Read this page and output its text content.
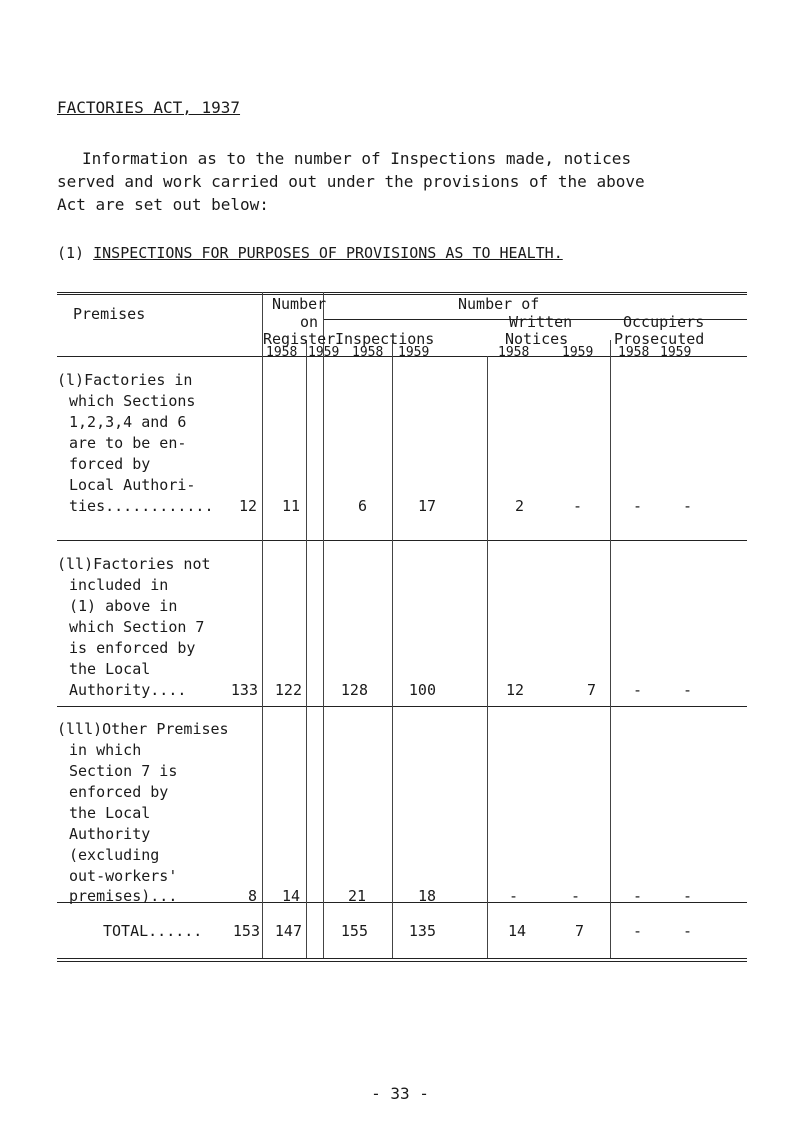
FACTORIES ACT, 1937
Information as to the number of Inspections made, notices
served and work carried out under the provisions of the above
Act are set out below:
(1) INSPECTIONS FOR PURPOSES OF PROVISIONS AS TO HEALTH.
Premises
Number
on
Register
Number of
Inspections
Written
Notices
Occupiers
Prosecuted
1958 1959 1958 1959	1958	1959 1958 1959
(l)Factories in
which Sections
1,2,3,4 and 6
are to be en-
forced by
Local Authori-
ties............
(ll)Factories not
included in
(1) above in
which Section 7
is enforced by
the Local
Authority....
(lll)Other Premises
in which
Section 7 is
enforced by
the Local
Authority
(excluding
out-workers'
premises)...
12	11	6	17	2	-	-	-
133	122	128	100	12	7	-	-
8	14	21	18	-	-	-	-
TOTAL......	153 147	155	135	14	7	-	-
- 33 -
